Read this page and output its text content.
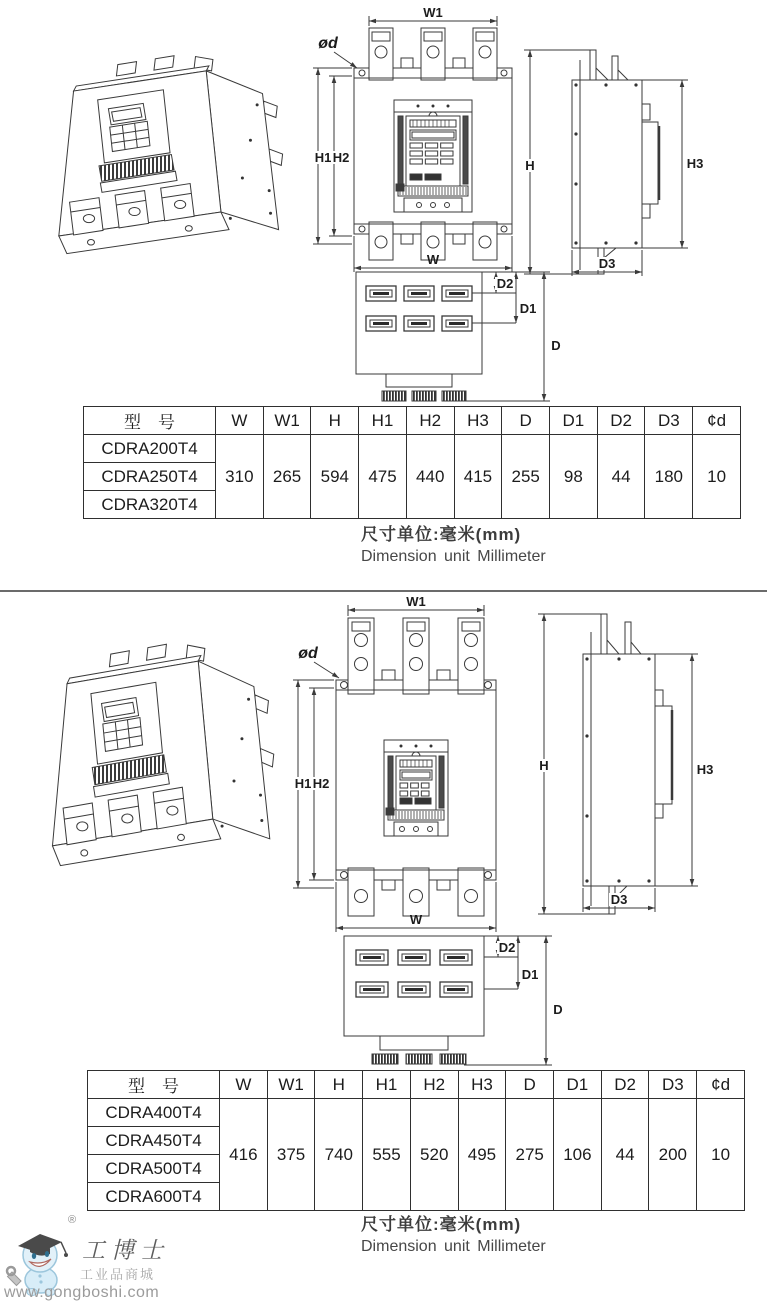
型　号	W	W1	H	H1	H2	H3	D	D1	D2	D3	¢d
CDRA200T4	310	265	594	475	440	415	255	98	44	180	10
CDRA250T4											
CDRA320T4											
尺寸单位:毫米(mm)
Dimension unit Millimeter
型　号	W	W1	H	H1	H2	H3	D	D1	D2	D3	¢d
CDRA400T4	416	375	740	555	520	495	275	106	44	200	10
CDRA450T4											
CDRA500T4											
CDRA600T4											
尺寸单位:毫米(mm)
Dimension unit Millimeter
®
工博士
工业品商城
www.gongboshi.com
W1
W
ød
H1 H2
W1
W
ød
H1 H2
H	H3
D3
H	H3
D3
D2
D1
D
D2
D1
D
